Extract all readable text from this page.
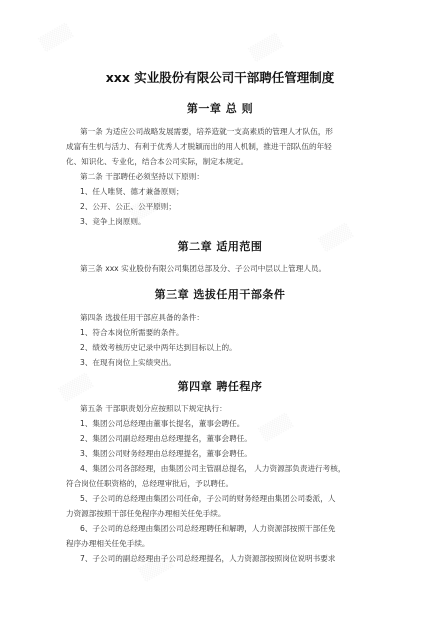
xxx 实业股份有限公司干部聘任管理制度
第一章 总 则
第一条 为适应公司战略发展需要，培养造就一支高素质的管理人才队伍，形
成富有生机与活力、有利于优秀人才脱颖而出的用人机制，推进干部队伍的年轻
化、知识化、专业化，结合本公司实际，制定本规定。
第二条 干部聘任必须坚持以下原则：
1、任人唯贤、德才兼备原则；
2、公开、公正、公平原则；
3、竞争上岗原则。
第二章 适用范围
第三条 xxx 实业股份有限公司集团总部及分、子公司中层以上管理人员。
第三章 选拔任用干部条件
第四条 选拔任用干部应具备的条件：
1、符合本岗位所需要的条件。
2、绩效考核历史记录中两年达到目标以上的。
3、在现有岗位上实绩突出。
第四章 聘任程序
第五条 干部职责划分应按照以下规定执行：
1、集团公司总经理由董事长提名，董事会聘任。
2、集团公司副总经理由总经理提名，董事会聘任。
3、集团公司财务经理由总经理提名，董事会聘任。
4、集团公司各部经理，由集团公司主管副总提名， 人力资源部负责进行考核，
符合岗位任职资格的，总经理审批后，予以聘任。
5、子公司的总经理由集团公司任命，子公司的财务经理由集团公司委派，人
力资源部按照干部任免程序办理相关任免手续。
6、子公司的总经理由集团公司总经理聘任和解聘，人力资源部按照干部任免
程序办理相关任免手续。
7、子公司的副总经理由子公司总经理提名，人力资源部按照岗位说明书要求
